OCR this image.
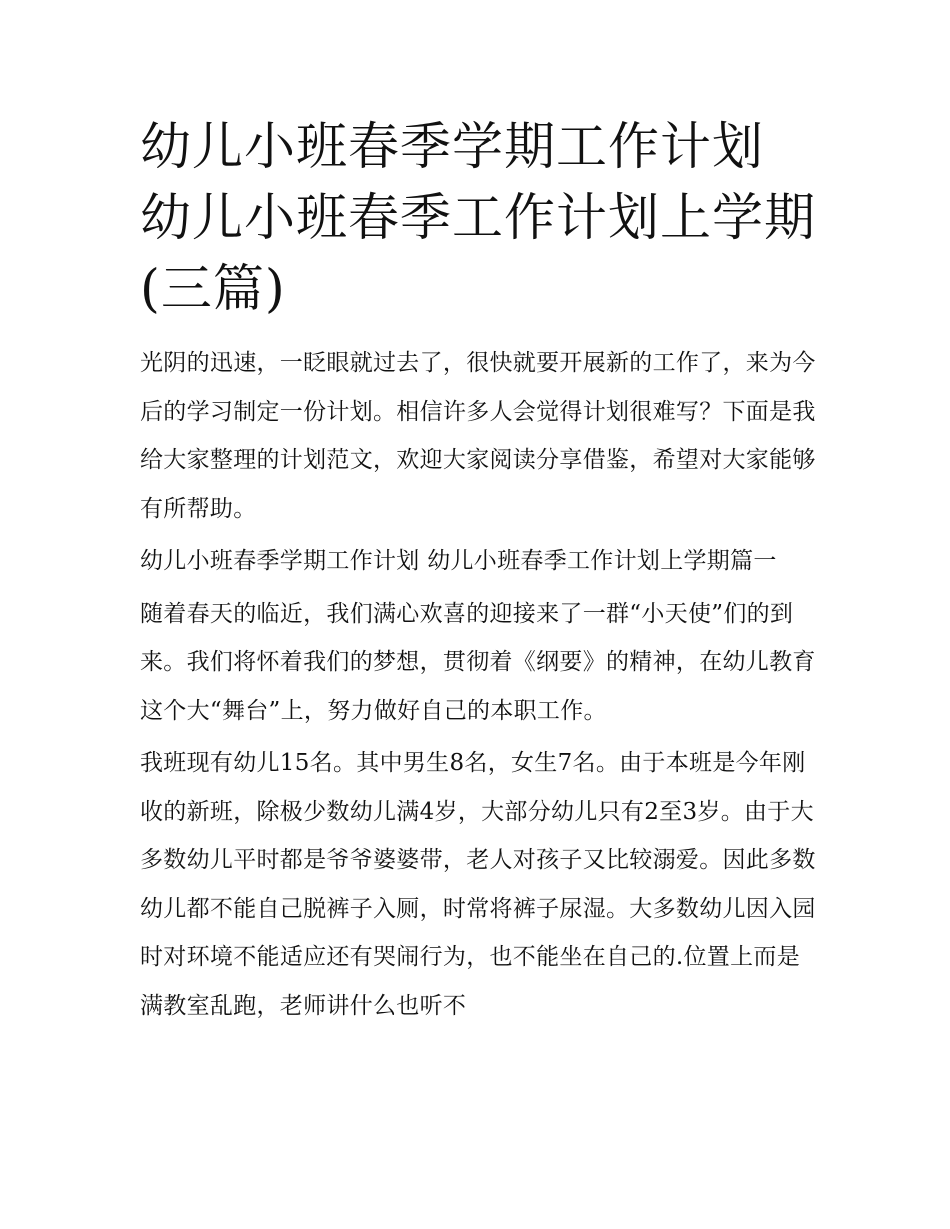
幼儿小班春季学期工作计划 幼儿小班春季工作计划上学期(三篇)

光阴的迅速，一眨眼就过去了，很快就要开展新的工作了，来为今后的学习制定一份计划。相信许多人会觉得计划很难写？下面是我给大家整理的计划范文，欢迎大家阅读分享借鉴，希望对大家能够有所帮助。

幼儿小班春季学期工作计划 幼儿小班春季工作计划上学期篇一

随着春天的临近，我们满心欢喜的迎接来了一群“小天使”们的到来。我们将怀着我们的梦想，贯彻着《纲要》的精神，在幼儿教育这个大“舞台”上，努力做好自己的本职工作。

我班现有幼儿15名。其中男生8名，女生7名。由于本班是今年刚收的新班，除极少数幼儿满4岁，大部分幼儿只有2至3岁。由于大多数幼儿平时都是爷爷婆婆带，老人对孩子又比较溺爱。因此多数幼儿都不能自己脱裤子入厕，时常将裤子尿湿。大多数幼儿因入园时对环境不能适应还有哭闹行为，也不能坐在自己的.位置上而是满教室乱跑，老师讲什么也听不
